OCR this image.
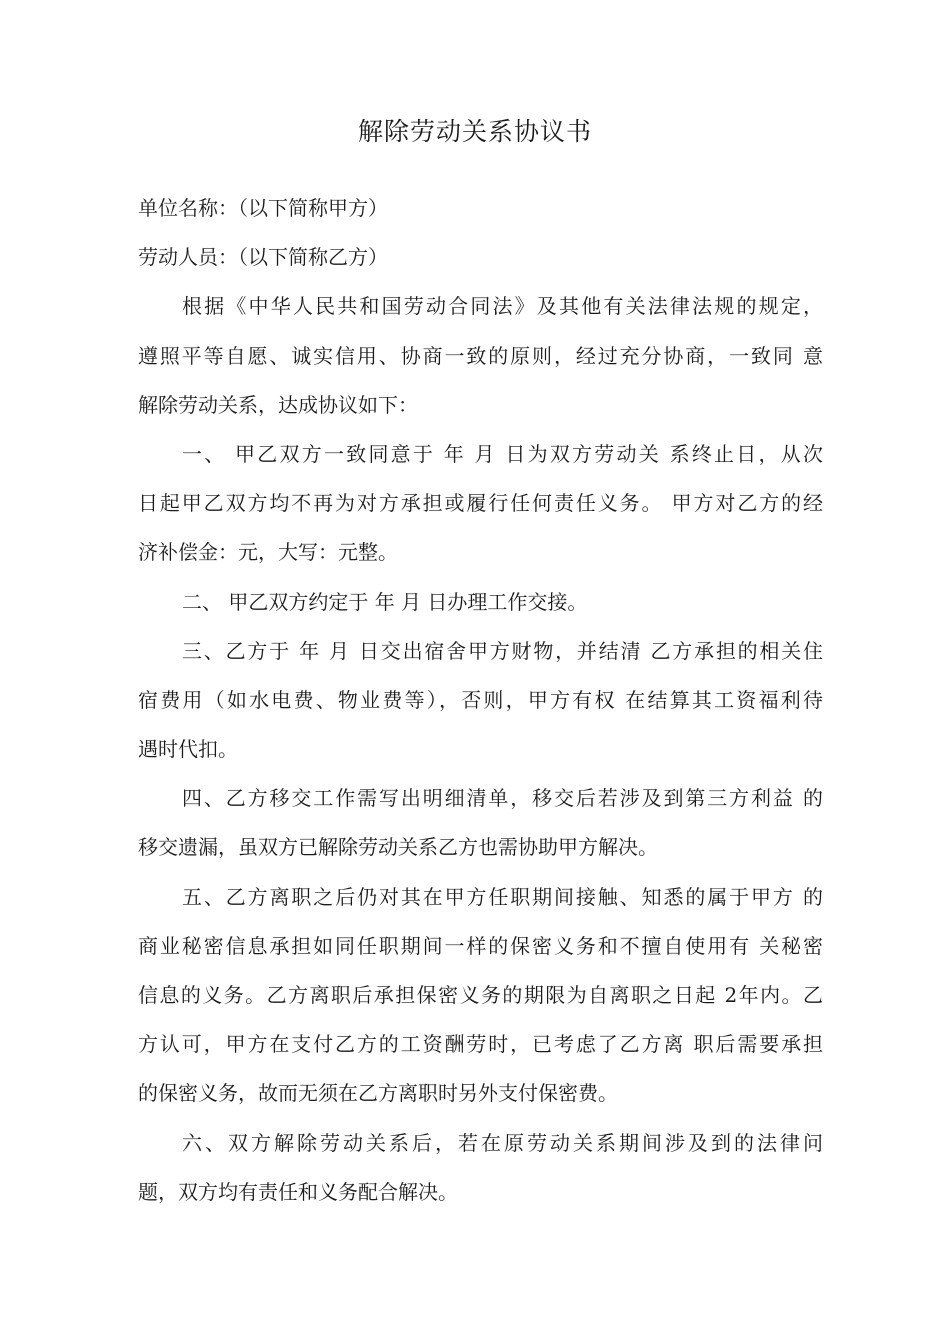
解除劳动关系协议书
单位名称：（以下简称甲方）
劳动人员：（以下简称乙方）
根据《中华人民共和国劳动合同法》及其他有关法律法规的规定，
遵照平等自愿、诚实信用、协商一致的原则，经过充分协商，一致同 意
解除劳动关系，达成协议如下：
一、 甲乙双方一致同意于 年 月 日为双方劳动关 系终止日，从次
日起甲乙双方均不再为对方承担或履行任何责任义务。 甲方对乙方的经
济补偿金：元，大写：元整。
二、 甲乙双方约定于 年 月 日办理工作交接。
三、乙方于 年 月 日交出宿舍甲方财物，并结清 乙方承担的相关住
宿费用（如水电费、物业费等），否则，甲方有权 在结算其工资福利待
遇时代扣。
四、乙方移交工作需写出明细清单，移交后若涉及到第三方利益 的
移交遗漏，虽双方已解除劳动关系乙方也需协助甲方解决。
五、乙方离职之后仍对其在甲方任职期间接触、知悉的属于甲方 的
商业秘密信息承担如同任职期间一样的保密义务和不擅自使用有 关秘密
信息的义务。乙方离职后承担保密义务的期限为自离职之日起 2年内。乙
方认可，甲方在支付乙方的工资酬劳时，已考虑了乙方离 职后需要承担
的保密义务，故而无须在乙方离职时另外支付保密费。
六、双方解除劳动关系后，若在原劳动关系期间涉及到的法律问
题，双方均有责任和义务配合解决。
